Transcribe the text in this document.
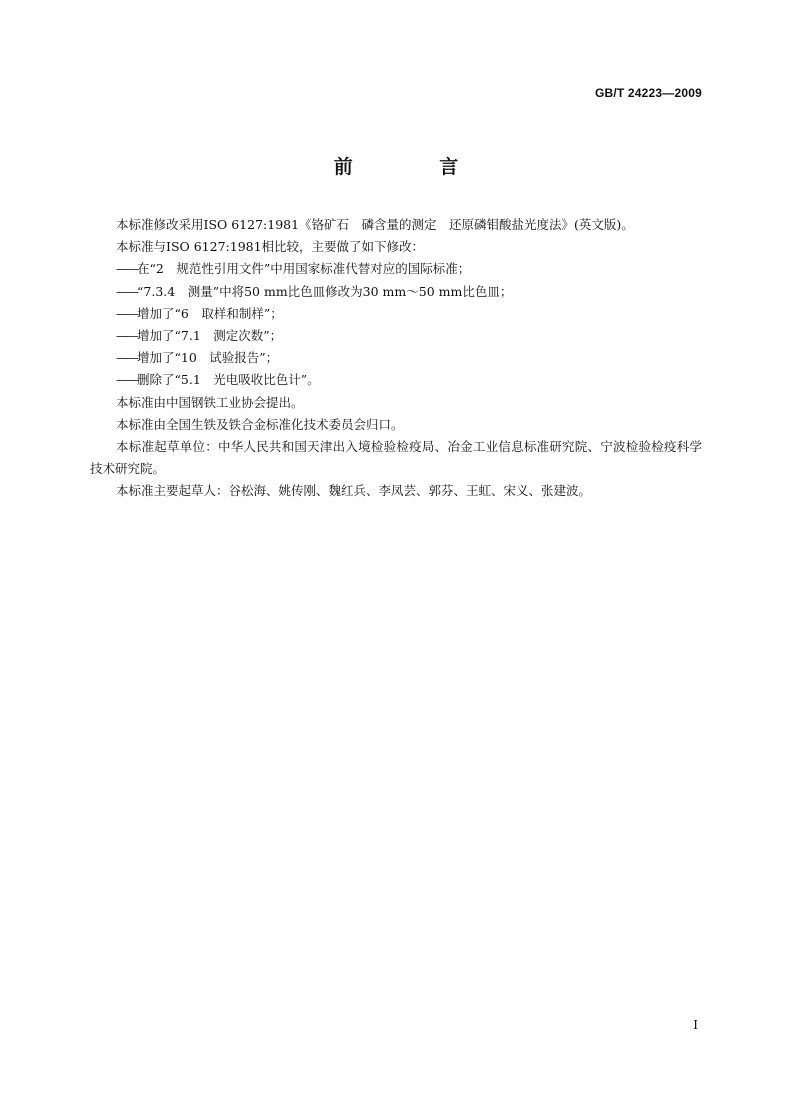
GB/T 24223—2009
前 言

本标准修改采用ISO 6127:1981《铬矿石　磷含量的测定　还原磷钼酸盐光度法》(英文版)。

本标准与ISO 6127:1981相比较，主要做了如下修改：

——在“2　规范性引用文件”中用国家标准代替对应的国际标准；

——“7.3.4　测量”中将50 mm比色皿修改为30 mm～50 mm比色皿；

——增加了“6　取样和制样”；

——增加了“7.1　测定次数”；

——增加了“10　试验报告”；

——删除了“5.1　光电吸收比色计”。

本标准由中国钢铁工业协会提出。

本标准由全国生铁及铁合金标准化技术委员会归口。

本标准起草单位：中华人民共和国天津出入境检验检疫局、冶金工业信息标准研究院、宁波检验检疫科学技术研究院。

本标准主要起草人：谷松海、姚传刚、魏红兵、李凤芸、郭芬、王虹、宋义、张建波。

I
